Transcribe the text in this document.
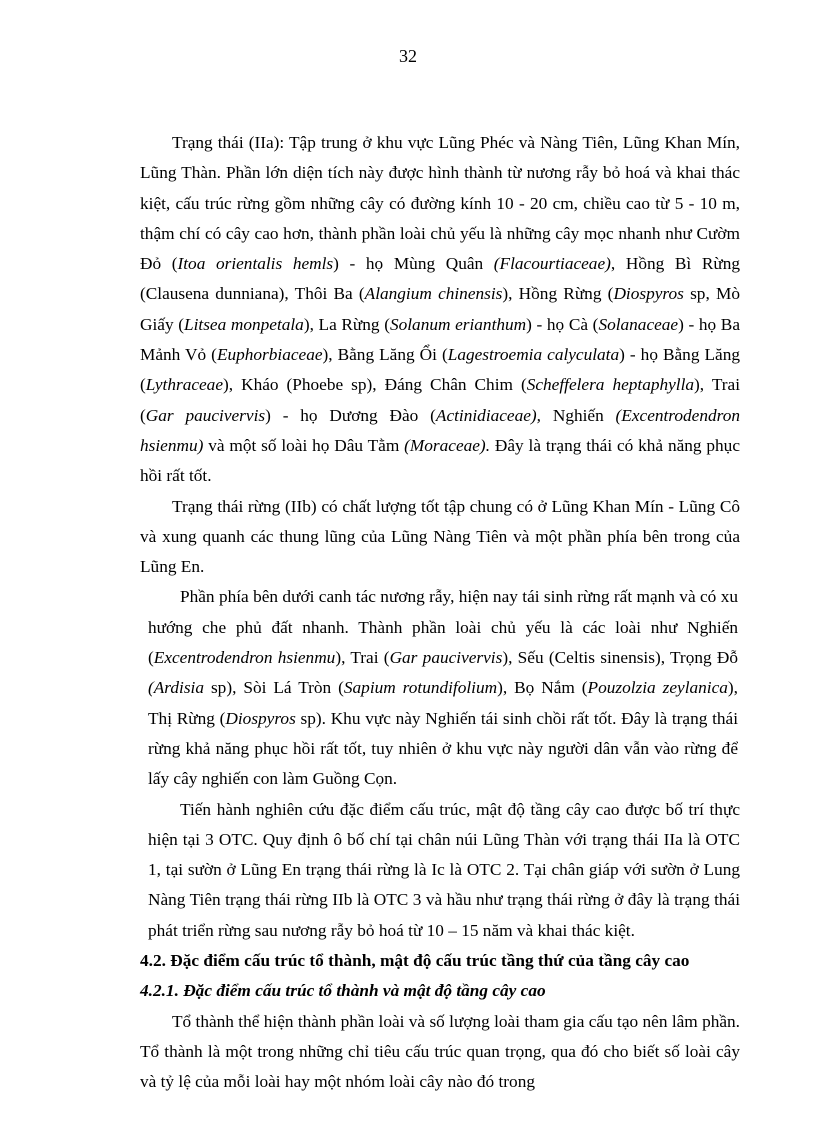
32

Trạng thái (IIa): Tập trung ở khu vực Lũng Phéc và Nàng Tiên, Lũng Khan Mín, Lũng Thàn. Phần lớn diện tích này được hình thành từ nương rẫy bỏ hoá và khai thác kiệt, cấu trúc rừng gồm những cây có đường kính 10 - 20 cm, chiều cao từ 5 - 10 m, thậm chí có cây cao hơn, thành phần loài chủ yếu là những cây mọc nhanh như Cườm Đỏ (Itoa orientalis hemls) - họ Mùng Quân (Flacourtiaceae), Hồng Bì Rừng (Clausena dunniana), Thôi Ba (Alangium chinensis), Hồng Rừng (Diospyros sp, Mò Giấy (Litsea monpetala), La Rừng (Solanum erianthum) - họ Cà (Solanaceae) - họ Ba Mảnh Vỏ (Euphorbiaceae), Bằng Lăng Ổi (Lagestroemia calyculata) - họ Bằng Lăng (Lythraceae), Kháo (Phoebe sp), Đáng Chân Chim (Scheffelera heptaphylla), Trai (Gar paucivervis) - họ Dương Đào (Actinidiaceae), Nghiến (Excentrodendron hsienmu) và một số loài họ Dâu Tằm (Moraceae). Đây là trạng thái có khả năng phục hồi rất tốt.

Trạng thái rừng (IIb) có chất lượng tốt tập chung có ở Lũng Khan Mín - Lũng Cô và xung quanh các thung lũng của Lũng Nàng Tiên và một phần phía bên trong của Lũng En.

Phần phía bên dưới canh tác nương rẫy, hiện nay tái sinh rừng rất mạnh và có xu hướng che phủ đất nhanh. Thành phần loài chủ yếu là các loài như Nghiến (Excentrodendron hsienmu), Trai (Gar paucivervis), Sếu (Celtis sinensis), Trọng Đỗ (Ardisia sp), Sòi Lá Tròn (Sapium rotundifolium), Bọ Nắm (Pouzolzia zeylanica), Thị Rừng (Diospyros sp). Khu vực này Nghiến tái sinh chồi rất tốt. Đây là trạng thái rừng khả năng phục hồi rất tốt, tuy nhiên ở khu vực này người dân vẫn vào rừng để lấy cây nghiến con làm Guồng Cọn.

Tiến hành nghiên cứu đặc điểm cấu trúc, mật độ tầng cây cao được bố trí thực hiện tại 3 OTC. Quy định ô bố chí tại chân núi Lũng Thàn với trạng thái IIa là OTC 1, tại sườn ở Lũng En trạng thái rừng là Ic là OTC 2. Tại chân giáp với sườn ở Lung Nàng Tiên trạng thái rừng IIb là OTC 3 và hầu như trạng thái rừng ở đây là trạng thái phát triển rừng sau nương rẫy bỏ hoá từ 10 – 15 năm và khai thác kiệt.

4.2. Đặc điểm cấu trúc tổ thành, mật độ cấu trúc tầng thứ của tầng cây cao
4.2.1. Đặc điểm cấu trúc tổ thành và mật độ tầng cây cao

Tổ thành thể hiện thành phần loài và số lượng loài tham gia cấu tạo nên lâm phần. Tổ thành là một trong những chỉ tiêu cấu trúc quan trọng, qua đó cho biết số loài cây và tỷ lệ của mỗi loài hay một nhóm loài cây nào đó trong
